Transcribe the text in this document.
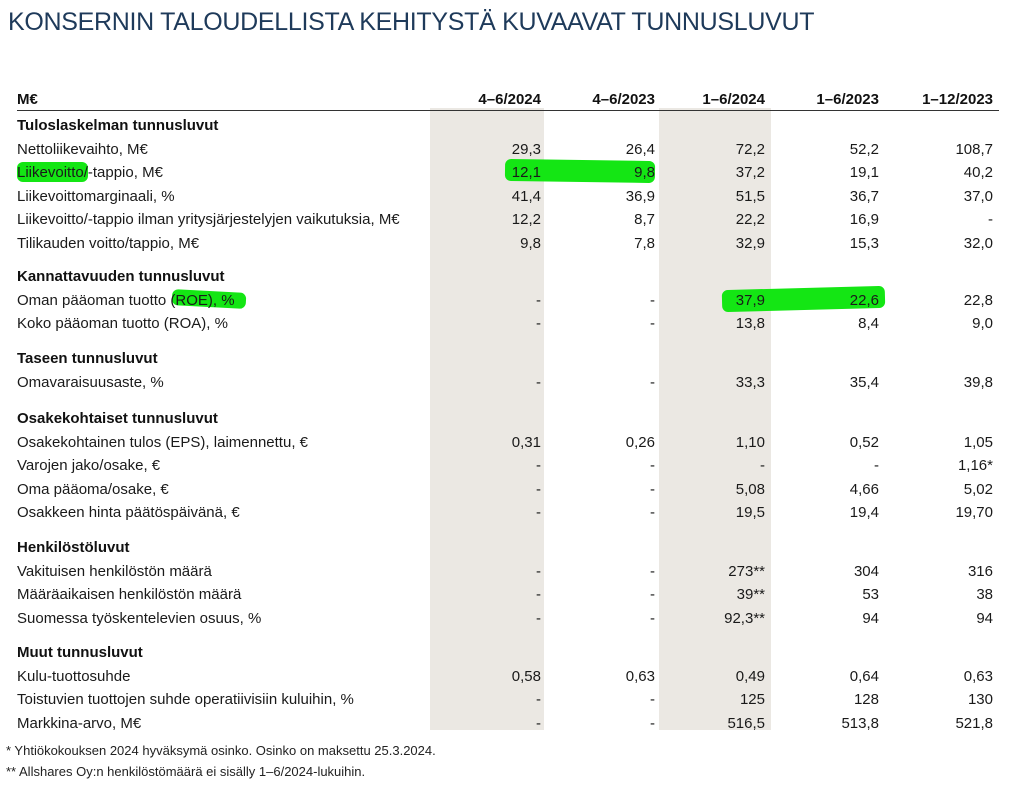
KONSERNIN TALOUDELLISTA KEHITYSTÄ KUVAAVAT TUNNUSLUVUT
M€	4–6/2024	4–6/2023	1–6/2024	1–6/2023	1–12/2023
Tuloslaskelman tunnusluvut
Nettoliikevaihto, M€	29,3	26,4	72,2	52,2	108,7
Liikevoitto/-tappio, M€	12,1	9,8	37,2	19,1	40,2
Liikevoittomarginaali, %	41,4	36,9	51,5	36,7	37,0
Liikevoitto/-tappio ilman yritysjärjestelyjen vaikutuksia, M€	12,2	8,7	22,2	16,9	-
Tilikauden voitto/tappio, M€	9,8	7,8	32,9	15,3	32,0
Kannattavuuden tunnusluvut
Oman pääoman tuotto (ROE), %	-	-	37,9	22,6	22,8
Koko pääoman tuotto (ROA), %	-	-	13,8	8,4	9,0
Taseen tunnusluvut
Omavaraisuusaste, %	-	-	33,3	35,4	39,8
Osakekohtaiset tunnusluvut
Osakekohtainen tulos (EPS), laimennettu, €	0,31	0,26	1,10	0,52	1,05
Varojen jako/osake, €	-	-	-	-	1,16*
Oma pääoma/osake, €	-	-	5,08	4,66	5,02
Osakkeen hinta päätöspäivänä, €	-	-	19,5	19,4	19,70
Henkilöstöluvut
Vakituisen henkilöstön määrä	-	-	273**	304	316
Määräaikaisen henkilöstön määrä	-	-	39**	53	38
Suomessa työskentelevien osuus, %	-	-	92,3**	94	94
Muut tunnusluvut
Kulu-tuottosuhde	0,58	0,63	0,49	0,64	0,63
Toistuvien tuottojen suhde operatiivisiin kuluihin, %	-	-	125	128	130
Markkina-arvo, M€	-	-	516,5	513,8	521,8
* Yhtiökokouksen 2024 hyväksymä osinko. Osinko on maksettu 25.3.2024.
** Allshares Oy:n henkilöstömäärä ei sisälly 1–6/2024-lukuihin.
